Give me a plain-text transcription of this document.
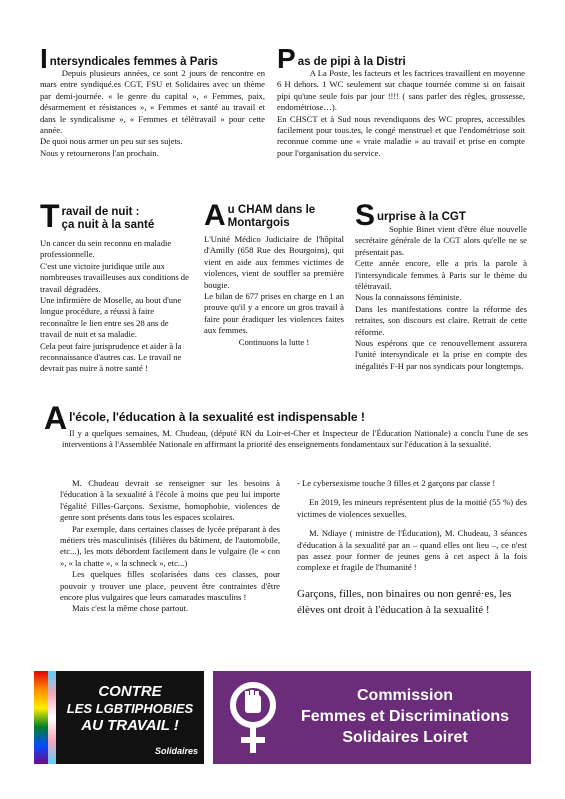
I $_{ntersyndicales femmes à Paris}$

Depuis plusieurs années, ce sont 2 jours de rencontre en mars entre syndiqué.es CGT, FSU et Solidaires avec un thème par demi-journée. « le genre du capital », « Femmes, paix, désarmement et résistances », « Femmes et santé au travail et dans le syndicalisme », « Femmes et télétravail » pour cette année.

De quoi nous armer un peu sur ses sujets.

Nous y retournerons l'an prochain.

P $_{as de pipi à la Distri}$

A La Poste, les facteurs et les factrices travaillent en moyenne 6 H dehors. 1 WC seulement sur chaque tournée comme si on faisait pipi qu'une seule fois par jour !!!! ( sans parler des règles, grossesse, endométriose…).

En CHSCT et à Sud nous revendiquons des WC propres, accessibles facilement pour tous.tes, le congé menstruel et que l'endométriose soit reconnue comme une « vraie maladie » au travail et prise en compte pour l'organisation du service.

T ravail de nuit :
ça nuit à la santé

Un cancer du sein reconnu en maladie professionnelle.

C'est une victoire juridique utile aux nombreuses travailleuses aux conditions de travail dégradées.

Une infirmière de Moselle, au bout d'une longue procédure, a réussi à faire reconnaître le lien entre ses 28 ans de travail de nuit et sa maladie.

Cela peut faire jurisprudence et aider à la reconnaissance d'autres cas. Le travail ne devrait pas nuire à notre santé !

A u CHAM dans le
Montargois

L'Unité Médico Judiciaire de l'hôpital d'Amilly (658 Rue des Bourgoins), qui vient en aide aux femmes victimes de violences, vient de souffler sa première bougie.

Le bilan de 677 prises en charge en 1 an prouve qu'il y a encore un gros travail à faire pour éradiquer les violences faites aux femmes.

Continuons la lutte !

S urprise à la CGT

Sophie Binet vient d'être élue nouvelle secrétaire générale de la CGT alors qu'elle ne se présentait pas.

Cette année encore, elle a pris la parole à l'intersyndicale femmes à Paris sur le thème du télétravail.

Nous la connaissons féministe.

Dans les manifestations contre la réforme des retraites, son discours est claire. Retrait de cette réforme.

Nous espérons que ce renouvellement assurera l'unité intersyndicale et la prise en compte des inégalités F-H par nos syndicats pour longtemps.

A l'école, l'éducation à la sexualité est indispensable !

Il y a quelques semaines, M. Chudeau, (député RN du Loir-et-Cher et Inspecteur de l'Éducation Nationale) a conclu l'une de ses interventions à l'Assemblée Nationale en affirmant la priorité des enseignements fondamentaux sur l'éducation à la sexualité.

M. Chudeau devrait se renseigner sur les besoins à l'éducation à la sexualité à l'école à moins que peu lui importe l'égalité Filles-Garçons. Sexisme, homophobie, violences de genre sont présents dans tous les espaces scolaires.

Par exemple, dans certaines classes de lycée préparant à des métiers très masculinisés (filières du bâtiment, de l'automobile, etc...), les mots débordent facilement dans le vulgaire (le « con », « la chatte », « la schneck », etc...)

Les quelques filles scolarisées dans ces classes, pour pouvoir y trouver une place, peuvent être contraintes d'être encore plus vulgaires que leurs camarades masculins !

Mais c'est la même chose partout.

- Le cybersexisme touche 3 filles et 2 garçons par classe !

En 2019, les mineurs représentent plus de la moitié (55 %) des victimes de violences sexuelles.

M. Ndiaye ( ministre de l'Éducation), M. Chudeau, 3 séances d'éducation à la sexualité par an – quand elles ont lieu –, ce n'est pas assez pour former de jeunes gens à cet aspect à la fois complexe et fragile de l'humanité !

Garçons, filles, non binaires ou non genré·es, les élèves ont droit à l'éducation à la sexualité !

CONTRE
LES LGBTIPHOBIES
AU TRAVAIL !
Solidaires
Commission
Femmes et Discriminations
Solidaires Loiret
